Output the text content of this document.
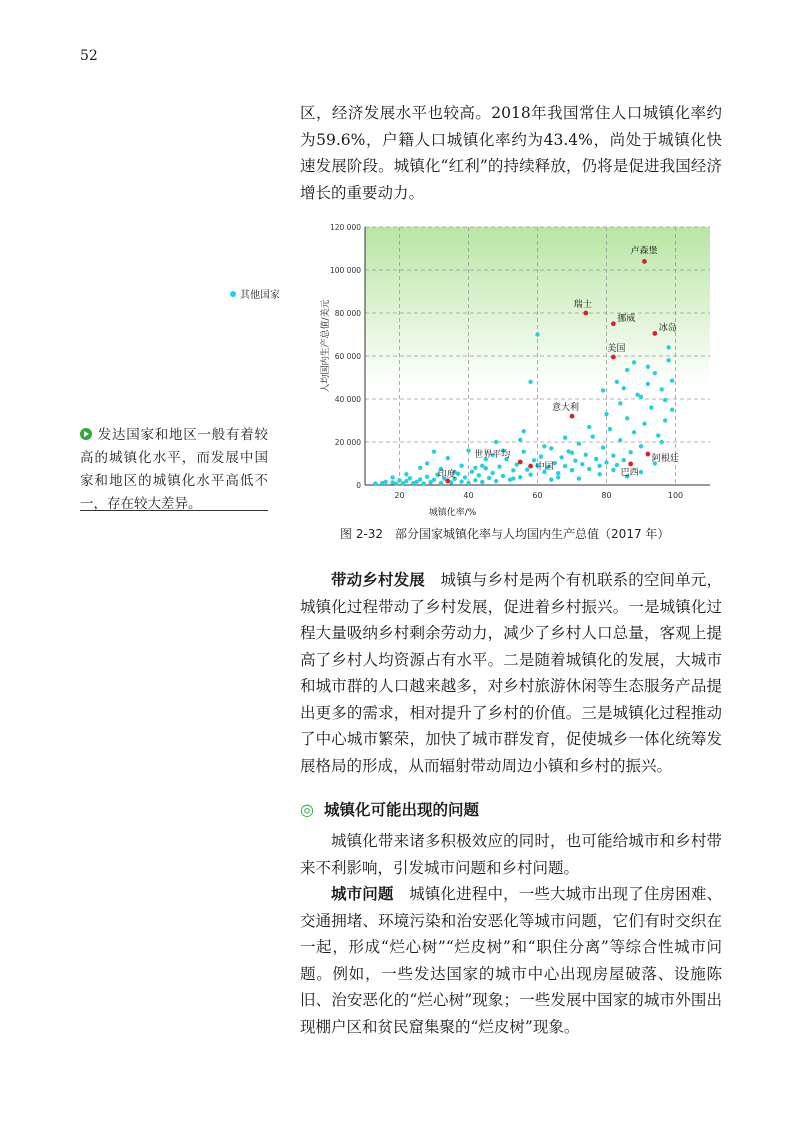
52

区，经济发展水平也较高。2018年我国常住人口城镇化率约为59.6%，户籍人口城镇化率约为43.4%，尚处于城镇化快速发展阶段。城镇化“红利”的持续释放，仍将是促进我国经济增长的重要动力。

其他国家
20	40	60	80	100
0
20 000
40 000
60 000
80 000
100 000
120 000
城镇化率/%
人均国内生产总值/美元
卢森堡
瑞士
挪威
冰岛
美国
意大利
世界平均
中国
阿根廷
巴西
印度
图 2-32　部分国家城镇化率与人均国内生产总值（2017 年）

发达国家和地区一般有着较高的城镇化水平，而发展中国家和地区的城镇化水平高低不一，存在较大差异。

带动乡村发展　城镇与乡村是两个有机联系的空间单元，城镇化过程带动了乡村发展，促进着乡村振兴。一是城镇化过程大量吸纳乡村剩余劳动力，减少了乡村人口总量，客观上提高了乡村人均资源占有水平。二是随着城镇化的发展，大城市和城市群的人口越来越多，对乡村旅游休闲等生态服务产品提出更多的需求，相对提升了乡村的价值。三是城镇化过程推动了中心城市繁荣，加快了城市群发育，促使城乡一体化统筹发展格局的形成，从而辐射带动周边小镇和乡村的振兴。

◎ 城镇化可能出现的问题

城镇化带来诸多积极效应的同时，也可能给城市和乡村带来不利影响，引发城市问题和乡村问题。

城市问题　城镇化进程中，一些大城市出现了住房困难、交通拥堵、环境污染和治安恶化等城市问题，它们有时交织在一起，形成“烂心树”“烂皮树”和“职住分离”等综合性城市问题。例如，一些发达国家的城市中心出现房屋破落、设施陈旧、治安恶化的“烂心树”现象；一些发展中国家的城市外围出现棚户区和贫民窟集聚的“烂皮树”现象。
